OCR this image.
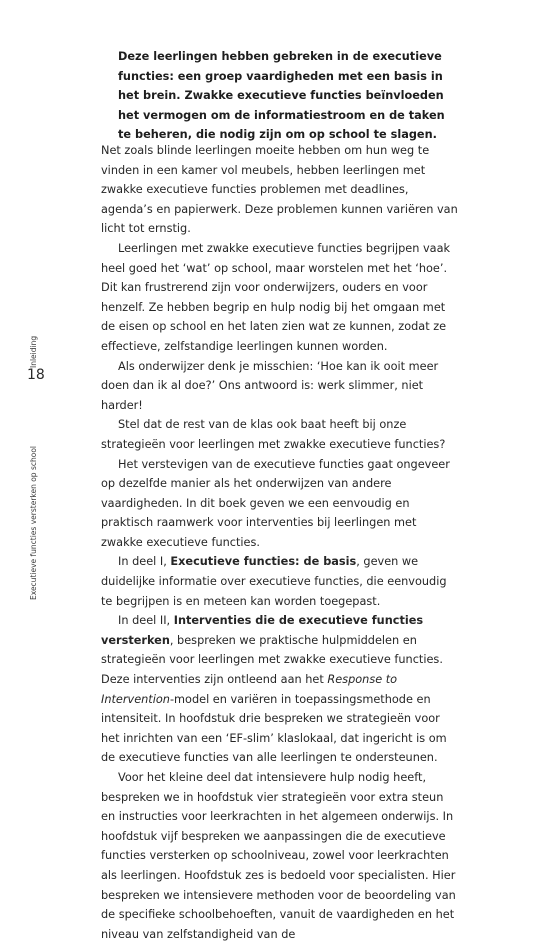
Deze leerlingen hebben gebreken in de executieve functies: een groep vaardigheden met een basis in het brein. Zwakke executieve functies beïnvloeden het vermogen om de informatiestroom en de taken te beheren, die nodig zijn om op school te slagen.

Net zoals blinde leerlingen moeite hebben om hun weg te vinden in een kamer vol meubels, hebben leerlingen met zwakke executieve functies problemen met deadlines, agenda’s en papierwerk. Deze problemen kunnen variëren van licht tot ernstig.

Leerlingen met zwakke executieve functies begrijpen vaak heel goed het ‘wat’ op school, maar worstelen met het ‘hoe’. Dit kan frustrerend zijn voor onderwijzers, ouders en voor henzelf. Ze hebben begrip en hulp nodig bij het omgaan met de eisen op school en het laten zien wat ze kunnen, zodat ze effectieve, zelfstandige leerlingen kunnen worden.

Als onderwijzer denk je misschien: ‘Hoe kan ik ooit meer doen dan ik al doe?’ Ons antwoord is: werk slimmer, niet harder!

Stel dat de rest van de klas ook baat heeft bij onze strategieën voor leerlingen met zwakke executieve functies?

Het verstevigen van de executieve functies gaat ongeveer op dezelfde manier als het onderwijzen van andere vaardigheden. In dit boek geven we een eenvoudig en praktisch raamwerk voor interventies bij leerlingen met zwakke executieve functies.

In deel I, Executieve functies: de basis, geven we duidelijke informatie over executieve functies, die eenvoudig te begrijpen is en meteen kan worden toegepast.

In deel II, Interventies die de executieve functies versterken, bespreken we praktische hulpmiddelen en strategieën voor leerlingen met zwakke executieve functies. Deze interventies zijn ontleend aan het Response to Intervention-model en variëren in toepassingsmethode en intensiteit. In hoofdstuk drie bespreken we strategieën voor het inrichten van een ‘EF-slim’ klaslokaal, dat ingericht is om de executieve functies van alle leerlingen te ondersteunen.

Voor het kleine deel dat intensievere hulp nodig heeft, bespreken we in hoofdstuk vier strategieën voor extra steun en instructies voor leerkrachten in het algemeen onderwijs. In hoofdstuk vijf bespreken we aanpassingen die de executieve functies versterken op schoolniveau, zowel voor leerkrachten als leerlingen. Hoofdstuk zes is bedoeld voor specialisten. Hier bespreken we intensievere methoden voor de beoordeling van de specifieke schoolbehoeften, vanuit de vaardigheden en het niveau van zelfstandigheid van de

Inleiding
18
Executieve functies versterken op school
